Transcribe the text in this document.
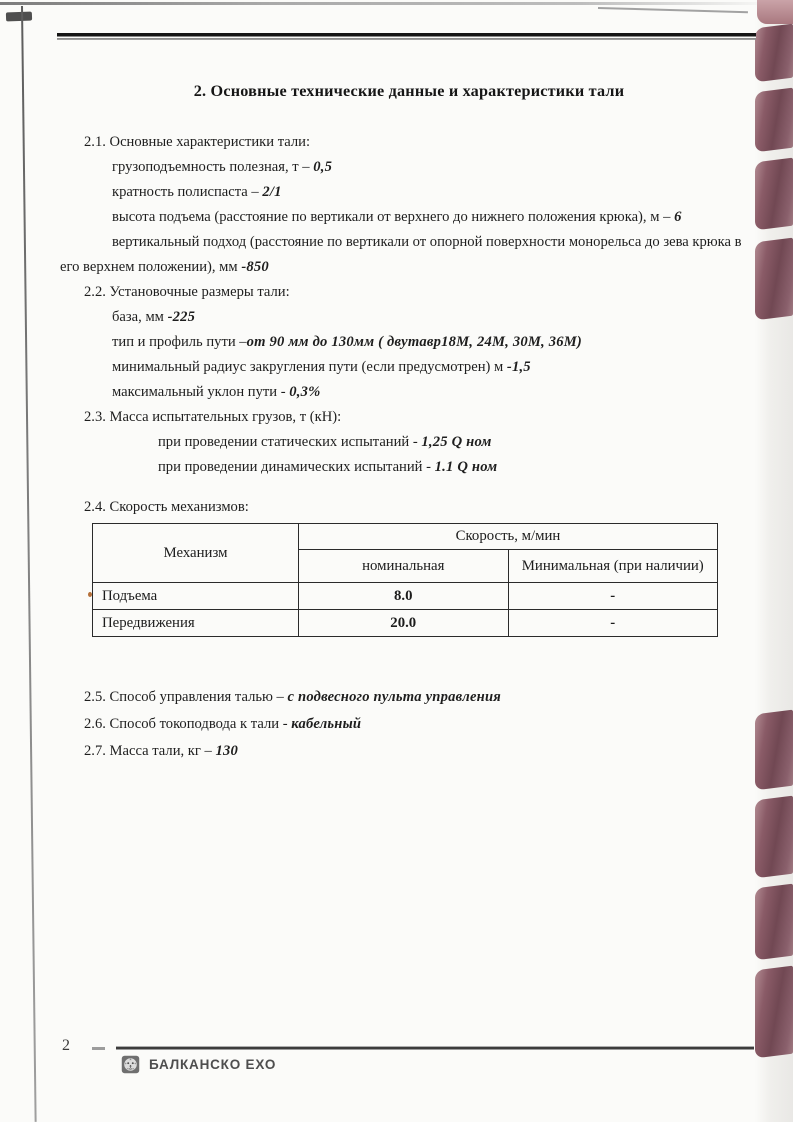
2. Основные технические данные и характеристики тали

2.1. Основные характеристики тали:

грузоподъемность полезная, т – 0,5

кратность полиспаста – 2/1

высота подъема (расстояние по вертикали от верхнего до нижнего положения крюка), м – 6

вертикальный подход (расстояние по вертикали от опорной поверхности монорельса до зева крюка в его верхнем положении), мм -850

2.2. Установочные размеры тали:

база, мм -225

тип и профиль пути –от 90 мм до 130мм ( двутавр18М, 24М, 30М, 36М)

минимальный радиус закругления пути (если предусмотрен) м -1,5

максимальный уклон пути - 0,3%

2.3. Масса испытательных грузов, т (кН):

при проведении статических испытаний - 1,25 Q ном

при проведении динамических испытаний - 1.1 Q ном

2.4. Скорость механизмов:

Механизм	Скорость, м/мин	
	номинальная	Минимальная (при наличии)
Подъема	8.0	-
Передвижения	20.0	-

2.5. Способ управления талью – с подвесного пульта управления

2.6. Способ токоподвода к тали - кабельный

2.7. Масса тали, кг – 130

2
БАЛКАНСКО ЕХО
